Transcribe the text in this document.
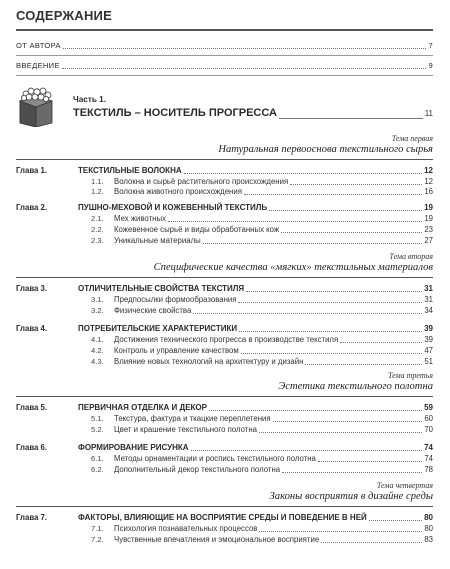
СОДЕРЖАНИЕ
ОТ АВТОРА	7
ВВЕДЕНИЕ	9
Часть 1.
ТЕКСТИЛЬ – НОСИТЕЛЬ ПРОГРЕССА	11
Тема первая
Натуральная первооснова текстильного сырья
Глава 1.	ТЕКСТИЛЬНЫЕ ВОЛОКНА	12
1.1. Волокна и сырьё растительного происхождения	12
1.2. Волокна животного происхождения	16
Глава 2.	ПУШНО-МЕХОВОЙ И КОЖЕВЕННЫЙ ТЕКСТИЛЬ	19
2.1. Мех животных	19
2.2. Кожевенное сырьё и виды обработанных кож	23
2.3. Уникальные материалы	27
Тема вторая
Специфические качества «мягких» текстильных материалов
Глава 3.	ОТЛИЧИТЕЛЬНЫЕ СВОЙСТВА ТЕКСТИЛЯ	31
3.1. Предпосылки формообразования	31
3.2. Физические свойства	34
Глава 4.	ПОТРЕБИТЕЛЬСКИЕ ХАРАКТЕРИСТИКИ	39
4.1. Достижения технического прогресса в производстве текстиля	39
4.2. Контроль и управление качеством	47
4.3. Влияние новых технологий на архитектуру и дизайн	51
Тема третья
Эстетика текстильного полотна
Глава 5.	ПЕРВИЧНАЯ ОТДЕЛКА И ДЕКОР	59
5.1. Текстура, фактура и ткацкие переплетения	60
5.2. Цвет и крашение текстильного полотна	70
Глава 6.	ФОРМИРОВАНИЕ РИСУНКА	74
6.1. Методы орнаментации и роспись текстильного полотна	74
6.2. Дополнительный декор текстильного полотна	78
Тема четвертая
Законы восприятия в дизайне среды
Глава 7.	ФАКТОРЫ, ВЛИЯЮЩИЕ НА ВОСПРИЯТИЕ СРЕДЫ И ПОВЕДЕНИЕ В НЕЙ	80
7.1. Психология познавательных процессов	80
7.2. Чувственные впечатления и эмоциональное восприятие	83
